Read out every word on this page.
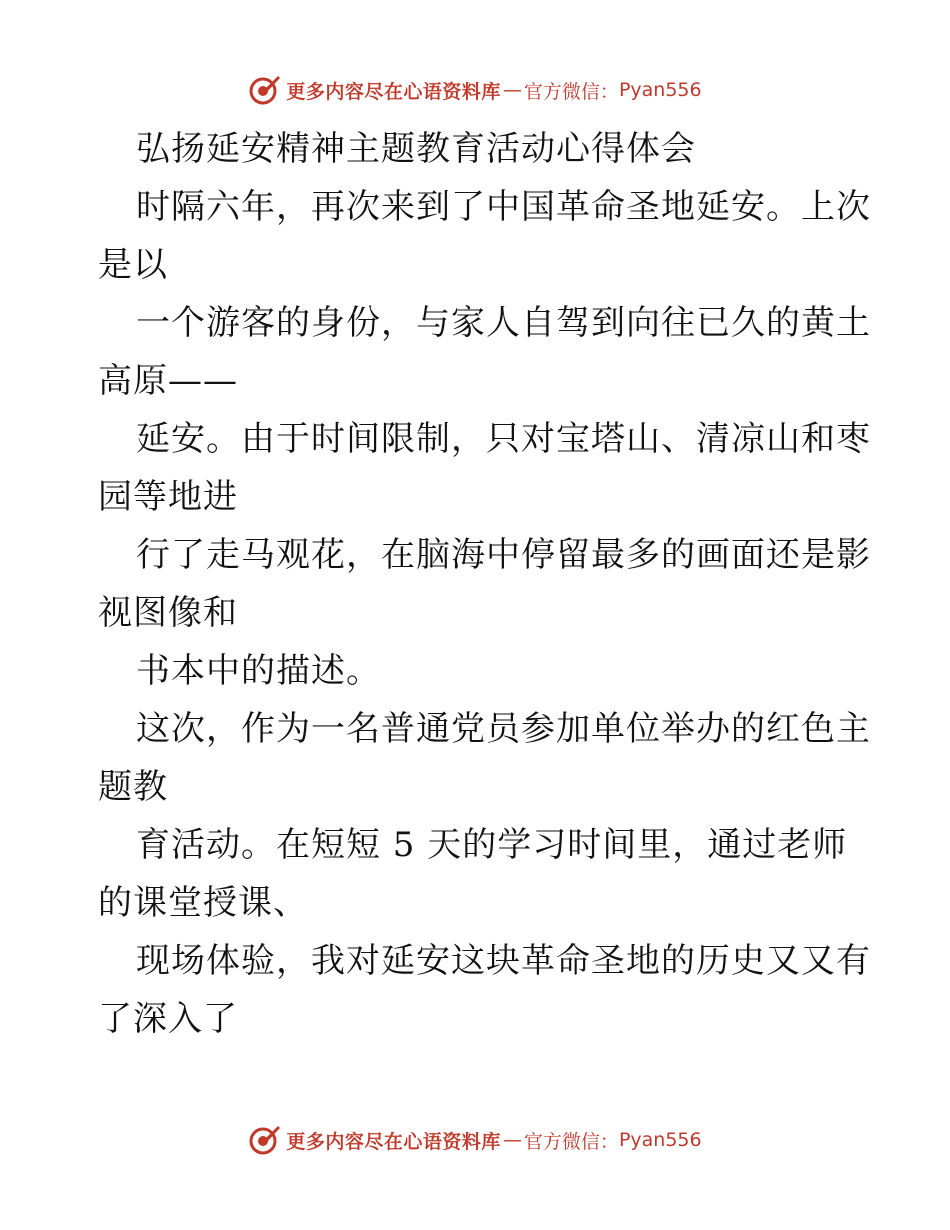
更多内容尽在心语资料库 — 官方微信： Pyan556
弘扬延安精神主题教育活动心得体会
时隔六年，再次来到了中国革命圣地延安。上次
是以
一个游客的身份，与家人自驾到向往已久的黄土
高原——
延安。由于时间限制，只对宝塔山、清凉山和枣
园等地进
行了走马观花，在脑海中停留最多的画面还是影
视图像和
书本中的描述。
这次，作为一名普通党员参加单位举办的红色主
题教
育活动。在短短 5 天的学习时间里，通过老师
的课堂授课、
现场体验，我对延安这块革命圣地的历史又又有
了深入了
更多内容尽在心语资料库 — 官方微信： Pyan556
